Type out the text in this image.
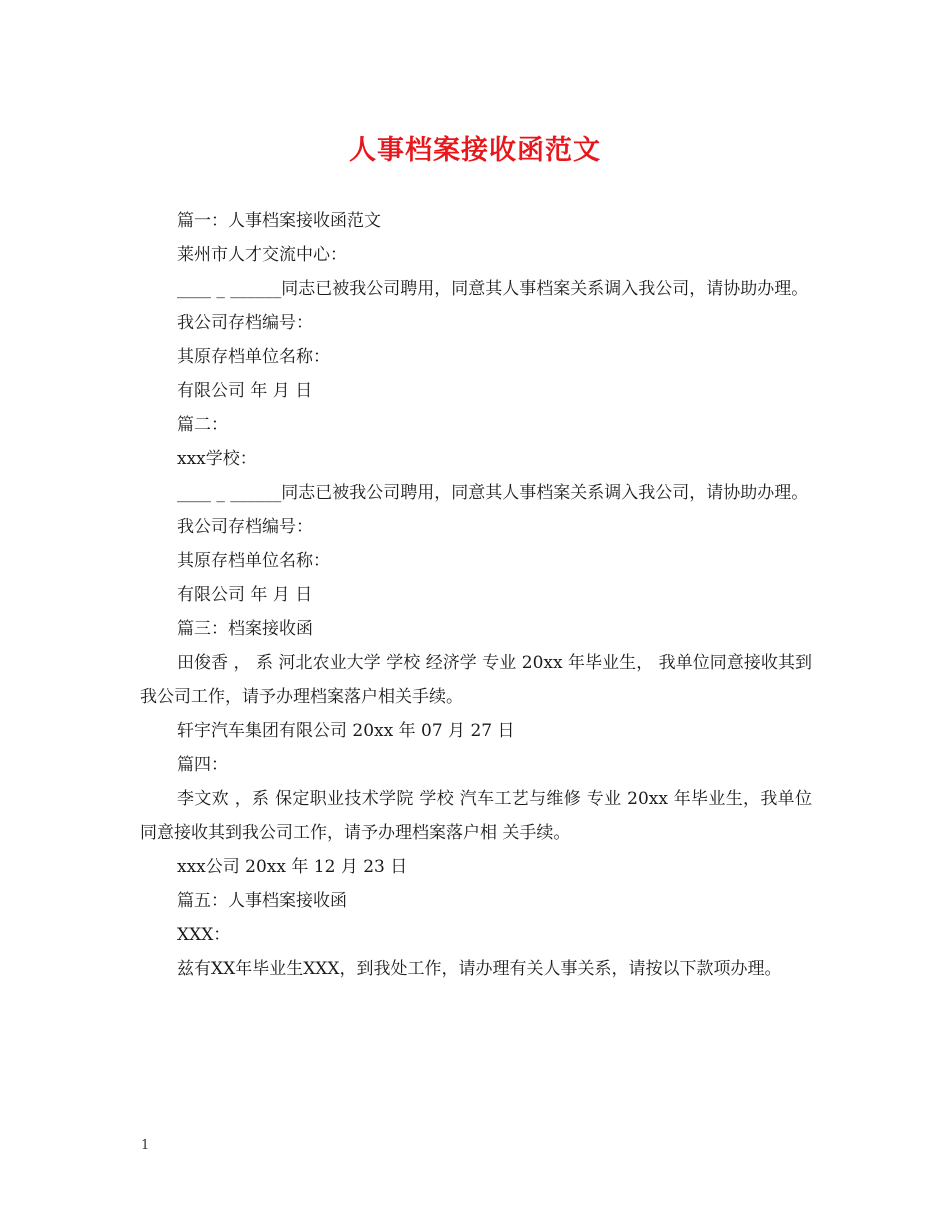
人事档案接收函范文

篇一：人事档案接收函范文

莱州市人才交流中心：

____ _ ______同志已被我公司聘用，同意其人事档案关系调入我公司，请协助办理。

我公司存档编号：

其原存档单位名称：

有限公司 年 月 日

篇二：

xxx学校：

____ _ ______同志已被我公司聘用，同意其人事档案关系调入我公司，请协助办理。

我公司存档编号：

其原存档单位名称：

有限公司 年 月 日

篇三：档案接收函

田俊香 ， 系 河北农业大学 学校 经济学 专业 20xx 年毕业生， 我单位同意接收其到我公司工作，请予办理档案落户相关手续。

轩宇汽车集团有限公司 20xx 年 07 月 27 日

篇四：

李文欢 ，系 保定职业技术学院 学校 汽车工艺与维修 专业 20xx 年毕业生，我单位同意接收其到我公司工作，请予办理档案落户相 关手续。

xxx公司 20xx 年 12 月 23 日

篇五：人事档案接收函

XXX：

兹有XX年毕业生XXX，到我处工作，请办理有关人事关系，请按以下款项办理。

1
